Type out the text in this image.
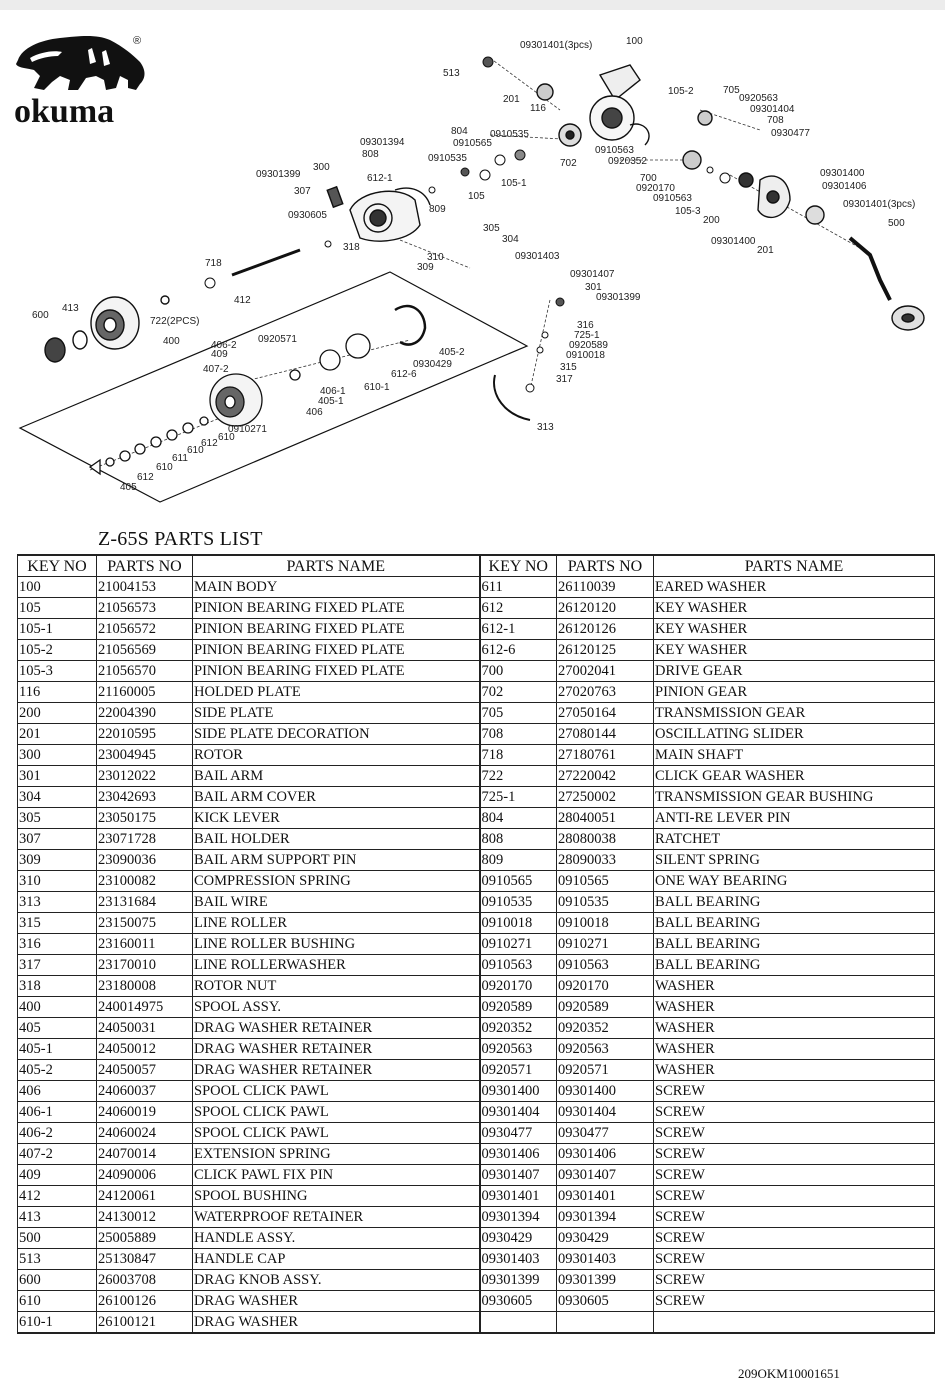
okuma
®	09301401(3pcs)	100
513
201
116
105-2	705
0920563
09301404
708
0930477
804
0910565
0910535
09301394
808	0910535	702
0910563
0920352
09301399
300
612-1	105-1	700
0920170
0910563
09301400
09301406
307	105
809	105-3
200
09301401(3pcs)
0930605
305
304
500
09301400
201
318
310
309
09301403
718
09301407
301
09301399
412
600
413
722(2PCS)	316
725-1
0920589
0910018
400	406-2
409
0920571
405-2
0930429	315
317
407-2	612-6
610-1
406-1
405-1
406
313
0910271
610
612
610
611
610
612
405
Z-65S PARTS LIST
KEY NO	PARTS NO	PARTS NAME	KEY NO	PARTS NO	PARTS NAME
100	21004153	MAIN BODY	611	26110039	EARED WASHER
105	21056573	PINION BEARING FIXED PLATE	612	26120120	KEY WASHER
105-1	21056572	PINION BEARING FIXED PLATE	612-1	26120126	KEY WASHER
105-2	21056569	PINION BEARING FIXED PLATE	612-6	26120125	KEY WASHER
105-3	21056570	PINION BEARING FIXED PLATE	700	27002041	DRIVE GEAR
116	21160005	HOLDED PLATE	702	27020763	PINION GEAR
200	22004390	SIDE PLATE	705	27050164	TRANSMISSION GEAR
201	22010595	SIDE PLATE DECORATION	708	27080144	OSCILLATING SLIDER
300	23004945	ROTOR	718	27180761	MAIN SHAFT
301	23012022	BAIL ARM	722	27220042	CLICK GEAR WASHER
304	23042693	BAIL ARM COVER	725-1	27250002	TRANSMISSION GEAR BUSHING
305	23050175	KICK LEVER	804	28040051	ANTI-RE LEVER PIN
307	23071728	BAIL HOLDER	808	28080038	RATCHET
309	23090036	BAIL ARM SUPPORT PIN	809	28090033	SILENT SPRING
310	23100082	COMPRESSION SPRING	0910565	0910565	ONE WAY BEARING
313	23131684	BAIL WIRE	0910535	0910535	BALL BEARING
315	23150075	LINE ROLLER	0910018	0910018	BALL BEARING
316	23160011	LINE ROLLER BUSHING	0910271	0910271	BALL BEARING
317	23170010	LINE ROLLERWASHER	0910563	0910563	BALL BEARING
318	23180008	ROTOR NUT	0920170	0920170	WASHER
400	240014975	SPOOL ASSY.	0920589	0920589	WASHER
405	24050031	DRAG WASHER RETAINER	0920352	0920352	WASHER
405-1	24050012	DRAG WASHER RETAINER	0920563	0920563	WASHER
405-2	24050057	DRAG WASHER RETAINER	0920571	0920571	WASHER
406	24060037	SPOOL CLICK PAWL	09301400	09301400	SCREW
406-1	24060019	SPOOL CLICK PAWL	09301404	09301404	SCREW
406-2	24060024	SPOOL CLICK PAWL	0930477	0930477	SCREW
407-2	24070014	EXTENSION SPRING	09301406	09301406	SCREW
409	24090006	CLICK PAWL FIX PIN	09301407	09301407	SCREW
412	24120061	SPOOL BUSHING	09301401	09301401	SCREW
413	24130012	WATERPROOF RETAINER	09301394	09301394	SCREW
500	25005889	HANDLE ASSY.	0930429	0930429	SCREW
513	25130847	HANDLE CAP	09301403	09301403	SCREW
600	26003708	DRAG KNOB ASSY.	09301399	09301399	SCREW
610	26100126	DRAG WASHER	0930605	0930605	SCREW
610-1	26100121	DRAG WASHER			
209OKM10001651
